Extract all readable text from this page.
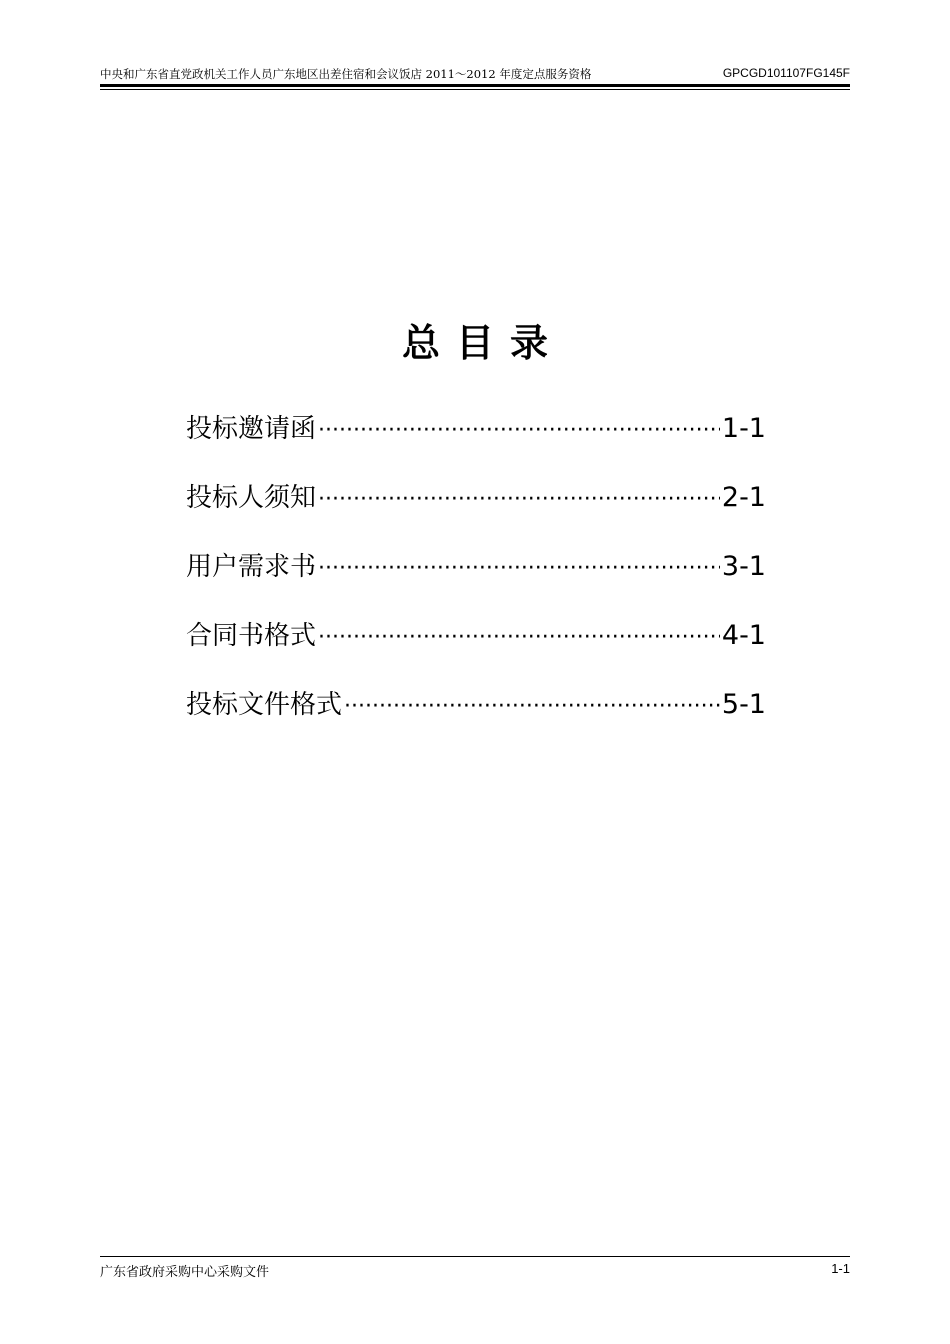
中央和广东省直党政机关工作人员广东地区出差住宿和会议饭店 2011～2012 年度定点服务资格	GPCGD101107FG145F
总目录
投标邀请函 ·····	1-1
投标人须知 ·····	2-1
用户需求书 ·····	3-1
合同书格式 ·····	4-1
投标文件格式 ·····	5-1
广东省政府采购中心采购文件	1-1
